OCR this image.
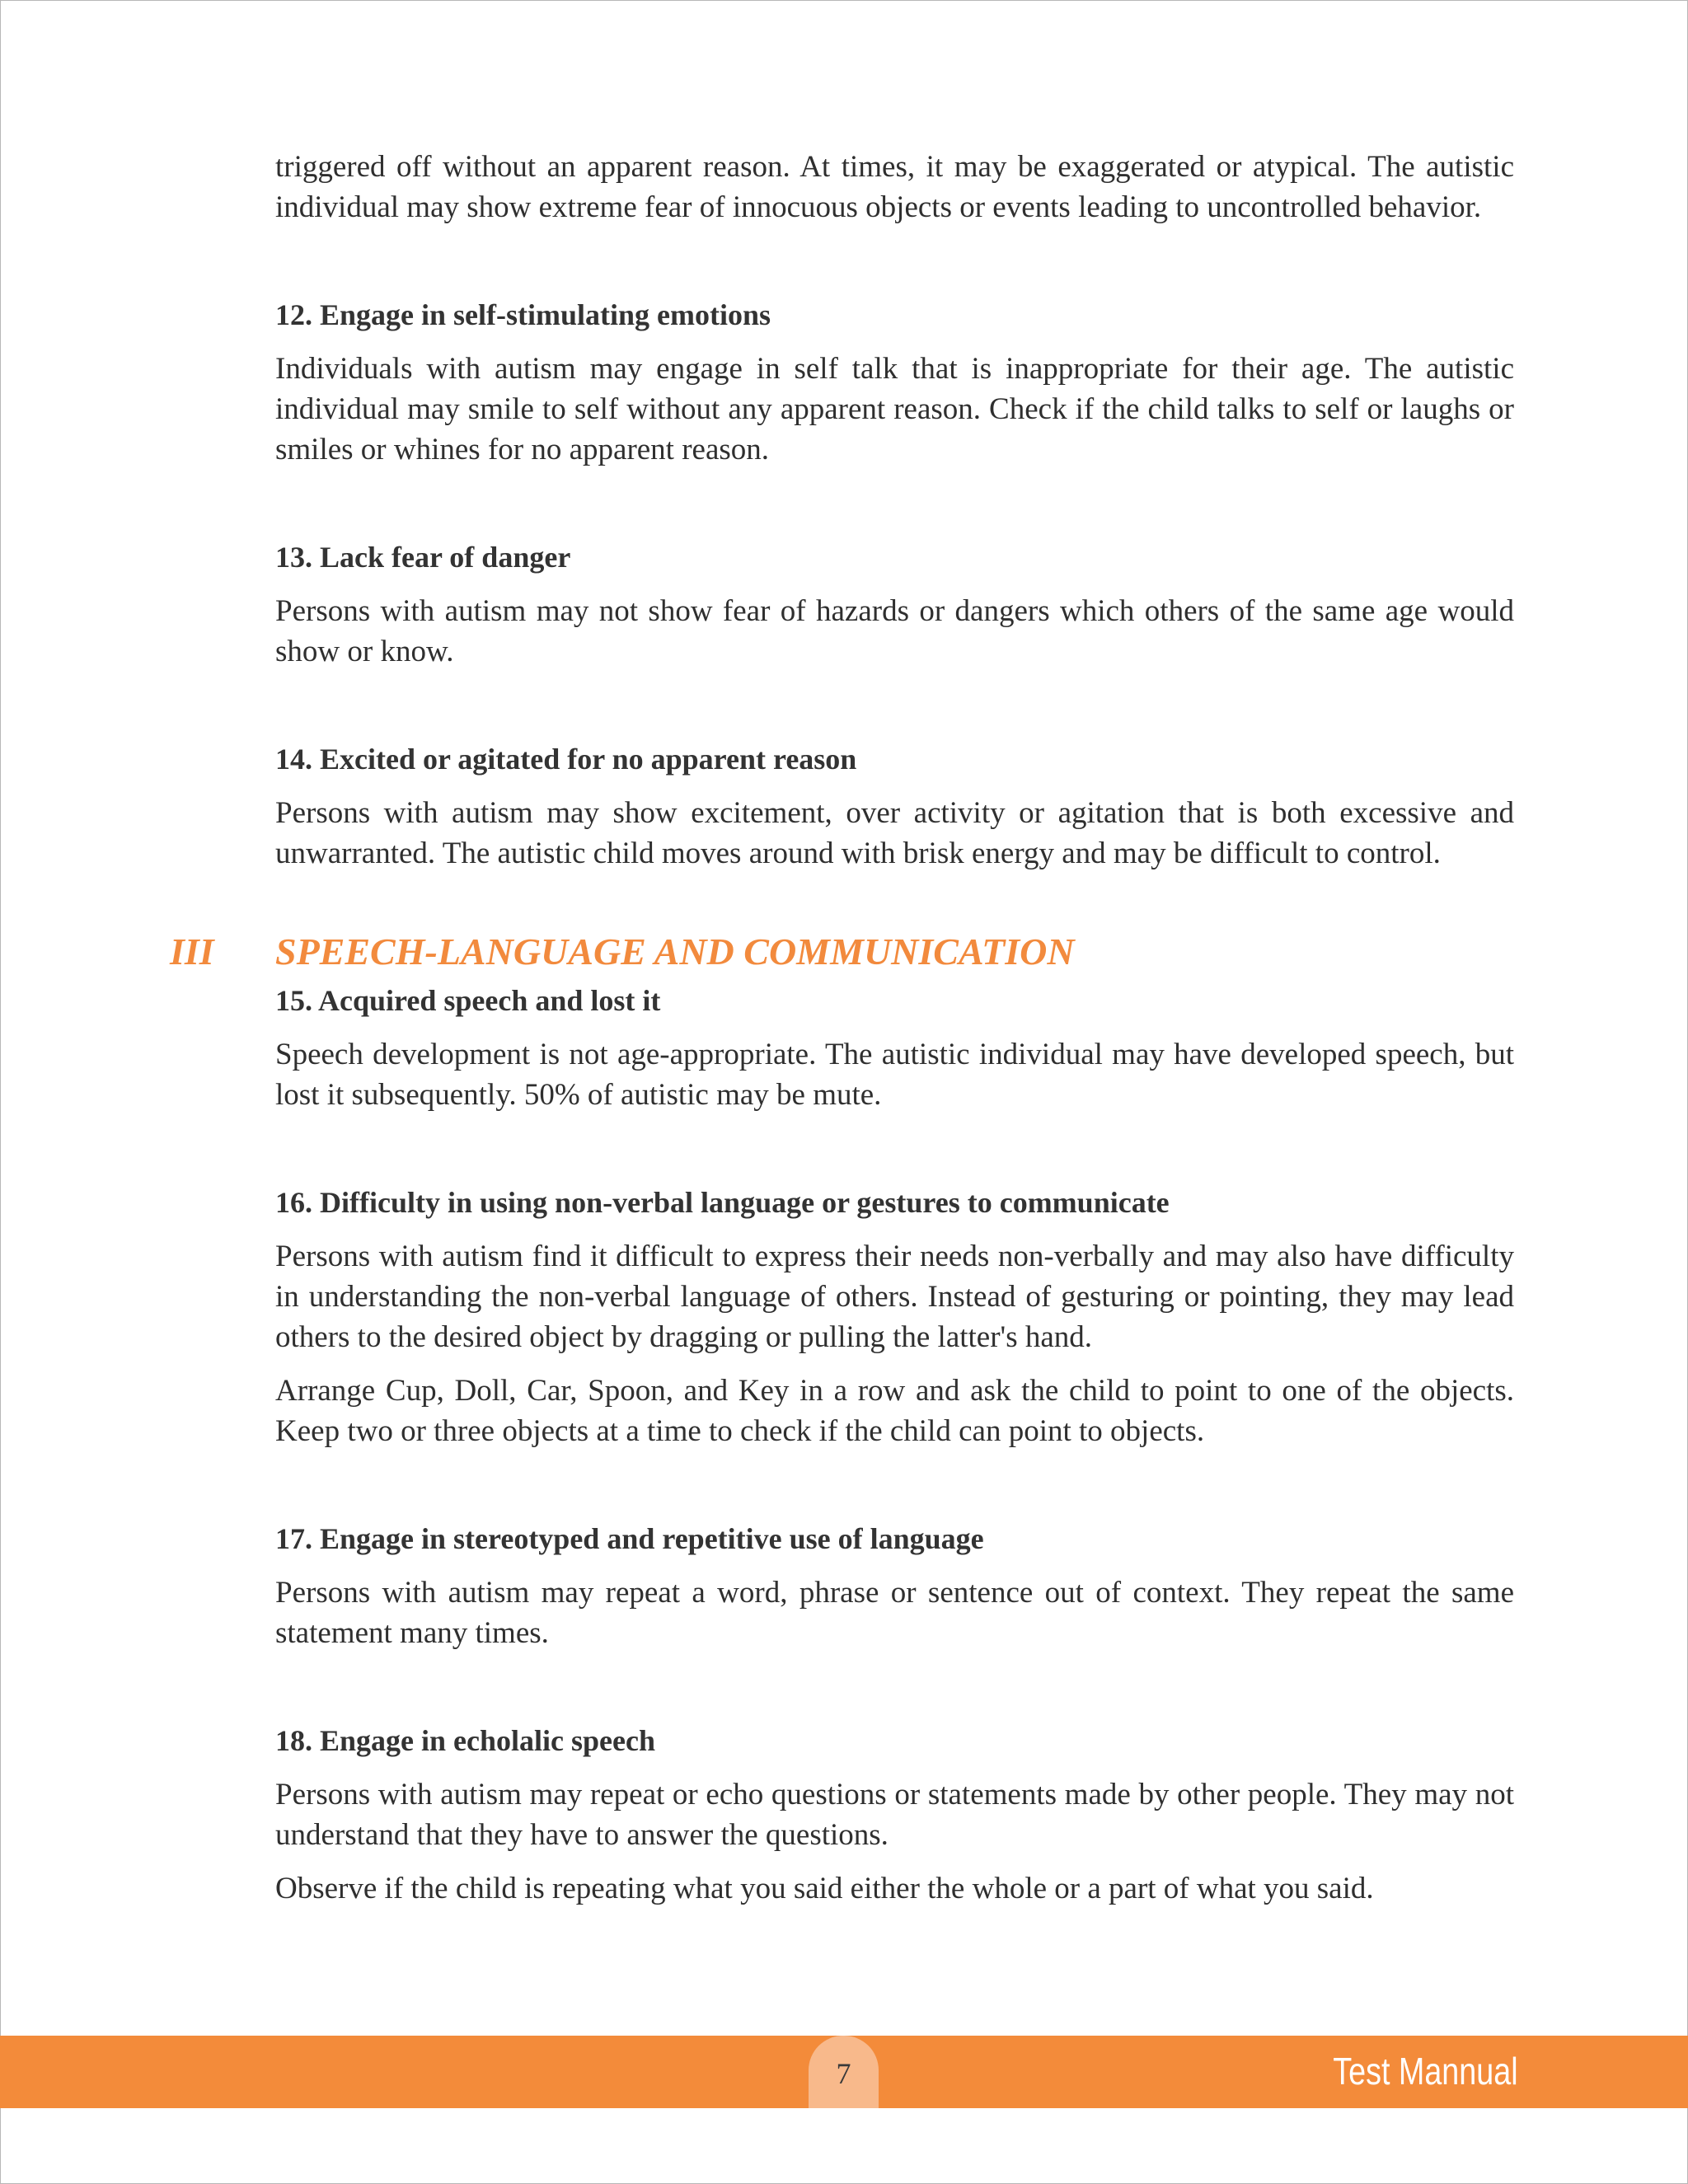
triggered off without an apparent reason. At times, it may be exaggerated or atypical. The autistic individual may show extreme fear of innocuous objects or events leading to uncontrolled behavior.

12. Engage in self-stimulating emotions

Individuals with autism may engage in self talk that is inappropriate for their age. The autistic individual may smile to self without any apparent reason. Check if the child talks to self or laughs or smiles or whines for no apparent reason.

13. Lack fear of danger

Persons with autism may not show fear of hazards or dangers which others of the same age would show or know.

14. Excited or agitated for no apparent reason

Persons with autism may show excitement, over activity or agitation that is both excessive and unwarranted. The autistic child moves around with brisk energy and may be difficult to control.

III SPEECH-LANGUAGE AND COMMUNICATION
15. Acquired speech and lost it

Speech development is not age-appropriate. The autistic individual may have developed speech, but lost it subsequently. 50% of autistic may be mute.

16. Difficulty in using non-verbal language or gestures to communicate

Persons with autism find it difficult to express their needs non-verbally and may also have difficulty in understanding the non-verbal language of others. Instead of gesturing or pointing, they may lead others to the desired object by dragging or pulling the latter's hand.

Arrange Cup, Doll, Car, Spoon, and Key in a row and ask the child to point to one of the objects. Keep two or three objects at a time to check if the child can point to objects.

17. Engage in stereotyped and repetitive use of language

Persons with autism may repeat a word, phrase or sentence out of context. They repeat the same statement many times.

18. Engage in echolalic speech

Persons with autism may repeat or echo questions or statements made by other people. They may not understand that they have to answer the questions.

Observe if the child is repeating what you said either the whole or a part of what you said.

7	Test Mannual
